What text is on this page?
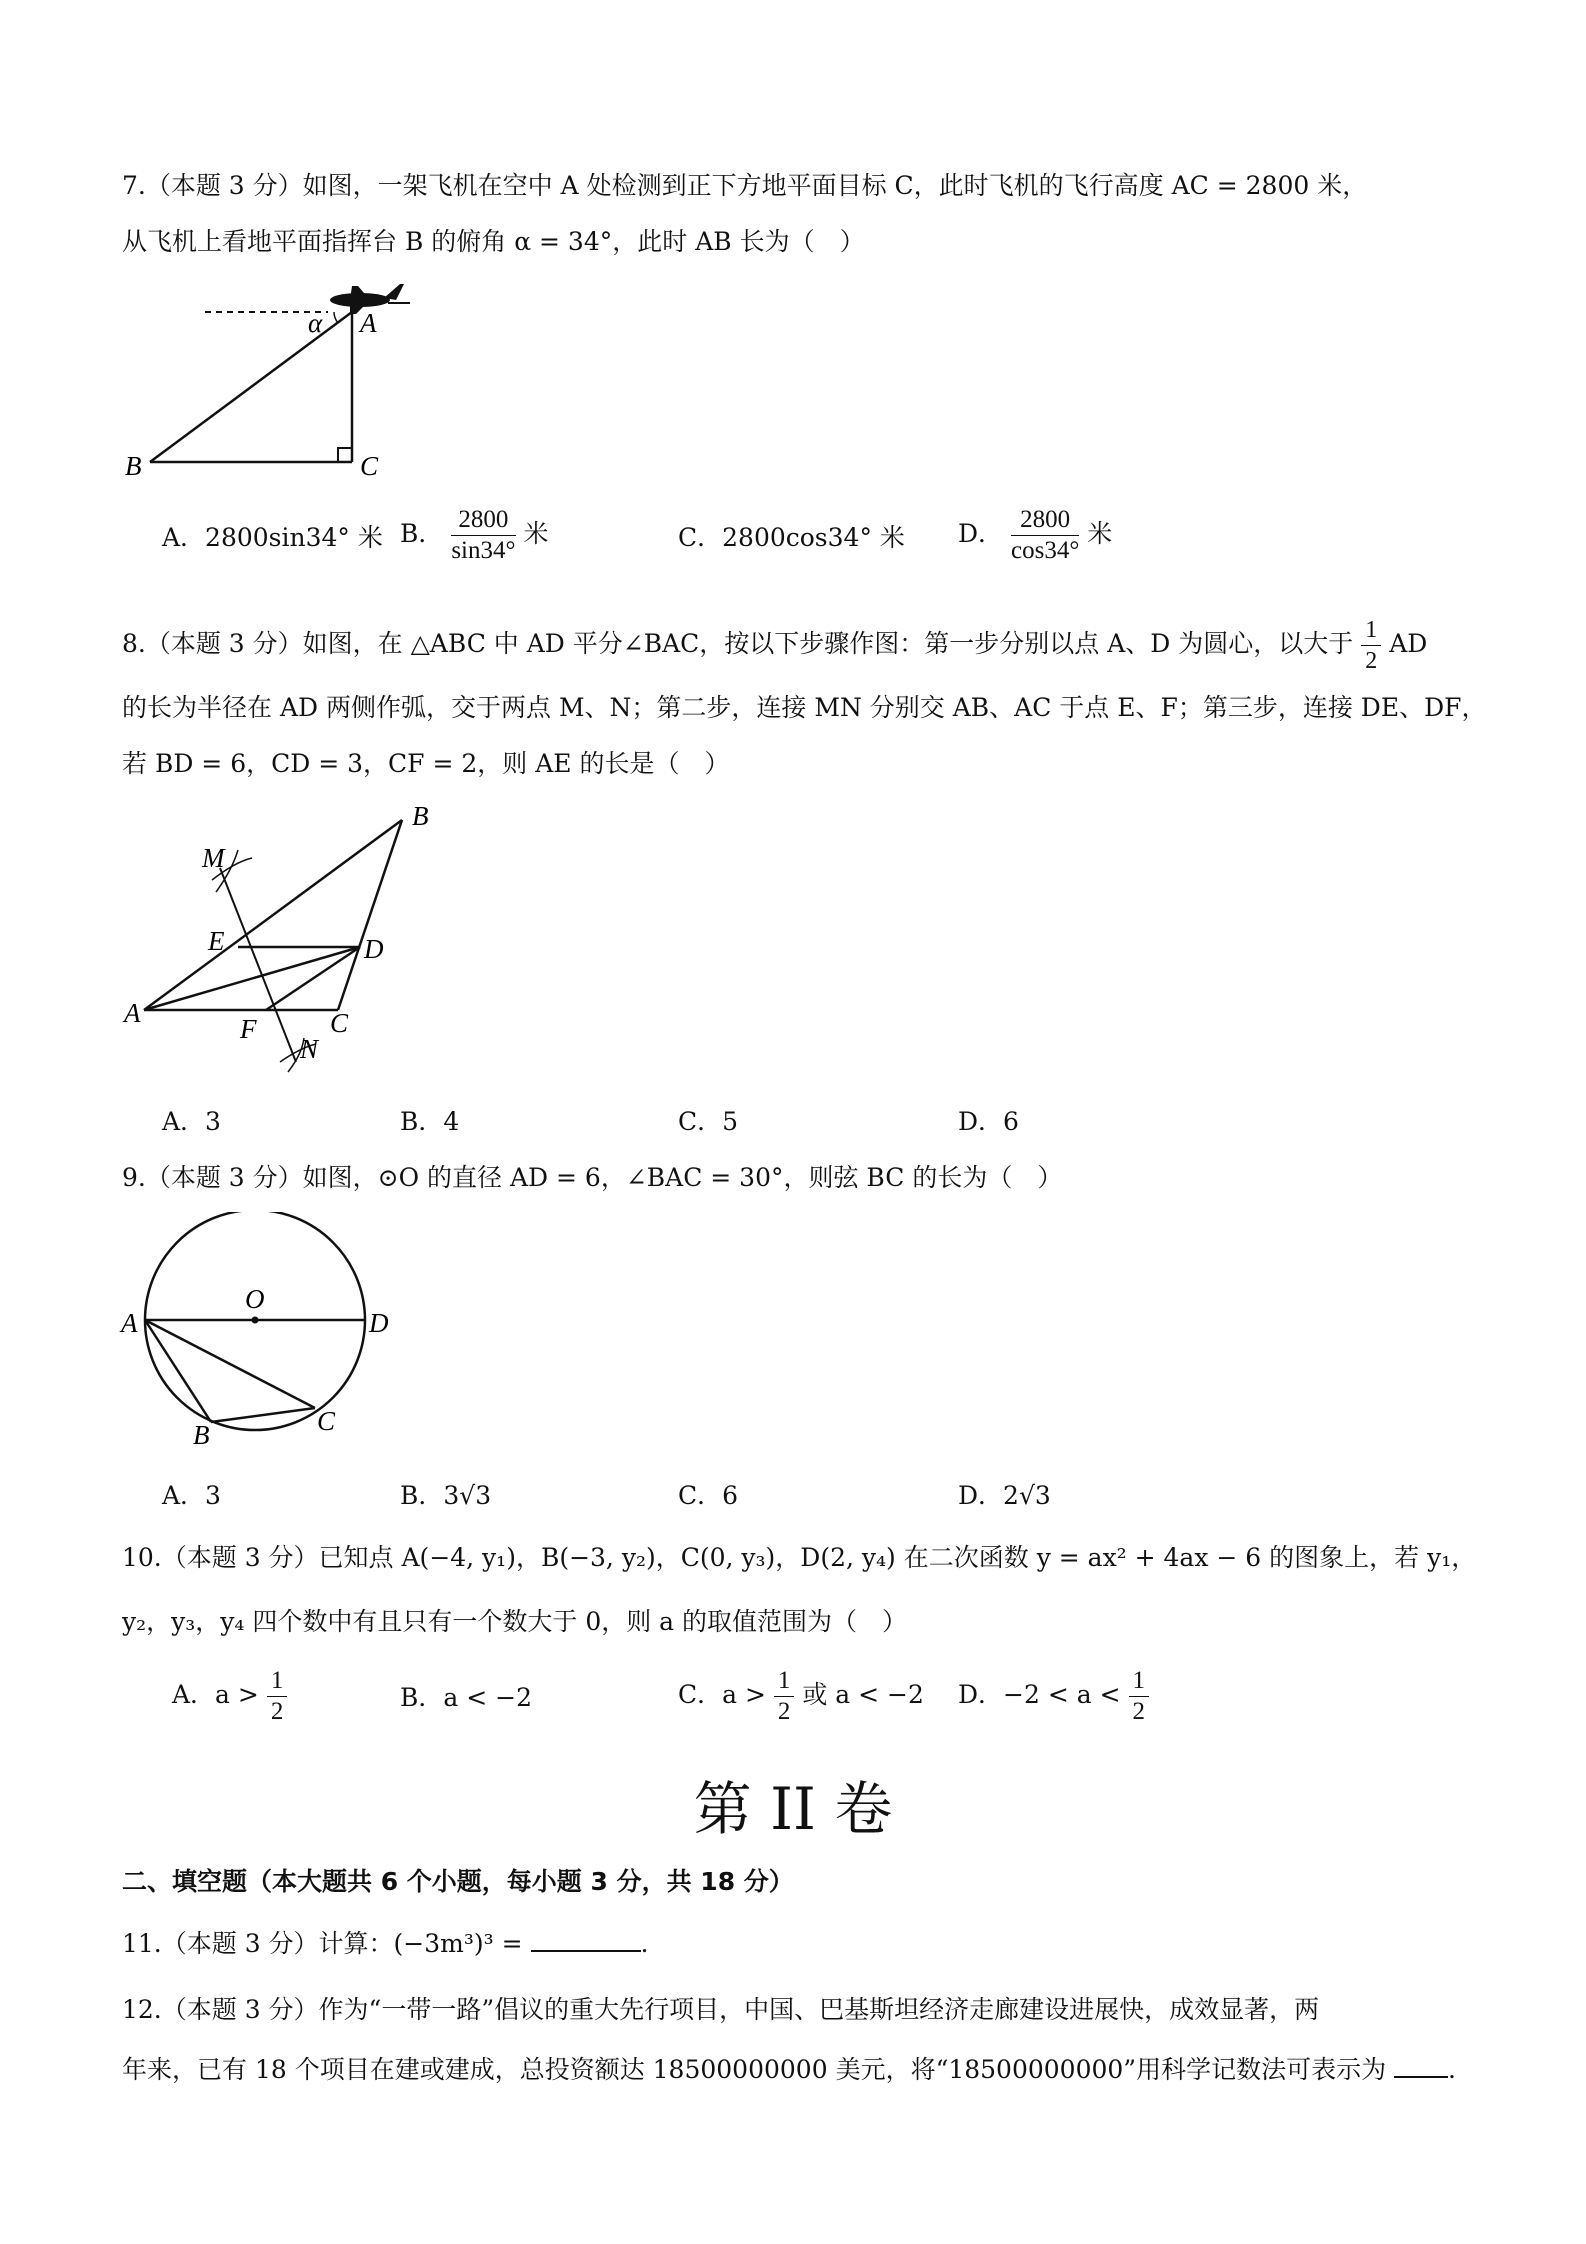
7.（本题 3 分）如图，一架飞机在空中 A 处检测到正下方地平面目标 C，此时飞机的飞行高度 AC = 2800 米，
从飞机上看地平面指挥台 B 的俯角 α = 34°，此时 AB 长为（　）
α A
B	C
A．2800sin34° 米 B． $\frac{2800}{\sin 34^\circ}$ 米	C．2800cos34° 米 D． $\frac{2800}{\cos 34^\circ}$ 米
8.（本题 3 分）如图，在 △ABC 中 AD 平分∠BAC，按以下步骤作图：第一步分别以点 A、D 为圆心，以大于 $\frac{1}{2}$ AD
的长为半径在 AD 两侧作弧，交于两点 M、N；第二步，连接 MN 分别交 AB、AC 于点 E、F；第三步，连接 DE、DF，
若 BD = 6，CD = 3，CF = 2，则 AE 的长是（　）
B
M
E	D
A
F	C
N
A．3	B．4	C．5	D．6
9.（本题 3 分）如图，⊙O 的直径 AD = 6，∠BAC = 30°，则弦 BC 的长为（　）
O
A	D
B	C
A．3	B．3√3	C．6	D．2√3
10.（本题 3 分）已知点 A(−4, y₁)，B(−3, y₂)，C(0, y₃)，D(2, y₄) 在二次函数 y = ax² + 4ax − 6 的图象上，若 y₁，
y₂，y₃，y₄ 四个数中有且只有一个数大于 0，则 a 的取值范围为（　）
A．$a > \frac{1}{2}$	B．a < −2	C．$a > \frac{1}{2}$ 或 a < −2 D．$-2 < a < \frac{1}{2}$
第 II 卷
二、填空题（本大题共 6 个小题，每小题 3 分，共 18 分）
11.（本题 3 分）计算：(−3m³)³ =	.
12.（本题 3 分）作为“一带一路”倡议的重大先行项目，中国、巴基斯坦经济走廊建设进展快，成效显著，两
年来，已有 18 个项目在建或建成，总投资额达 18500000000 美元，将“18500000000”用科学记数法可表示为 .
